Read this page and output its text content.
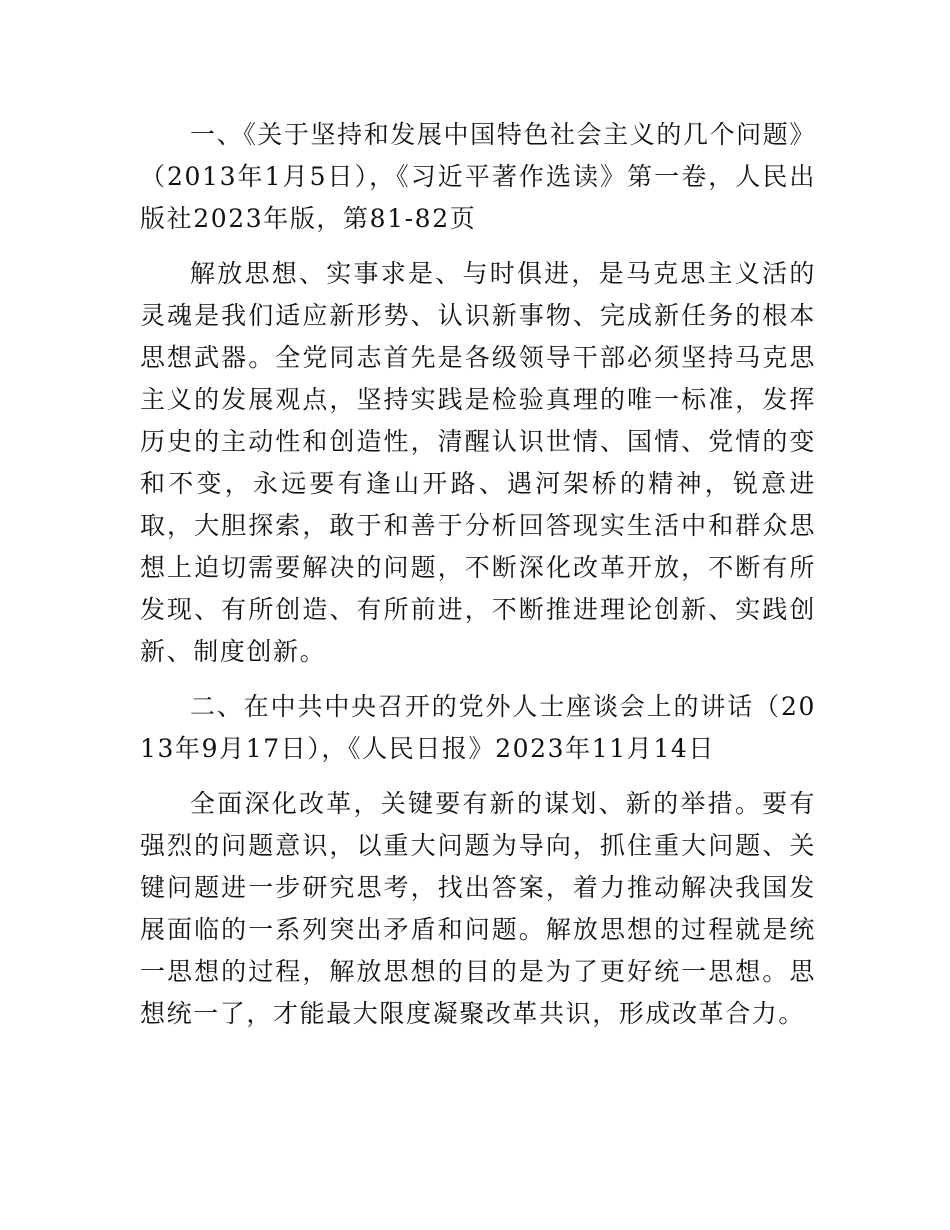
一、《关于坚持和发展中国特色社会主义的几个问题》（2013年1月5日），《习近平著作选读》第一卷，人民出版社2023年版，第81-82页

解放思想、实事求是、与时俱进，是马克思主义活的灵魂是我们适应新形势、认识新事物、完成新任务的根本思想武器。全党同志首先是各级领导干部必须坚持马克思主义的发展观点，坚持实践是检验真理的唯一标准，发挥历史的主动性和创造性，清醒认识世情、国情、党情的变和不变，永远要有逢山开路、遇河架桥的精神，锐意进取，大胆探索，敢于和善于分析回答现实生活中和群众思想上迫切需要解决的问题，不断深化改革开放，不断有所发现、有所创造、有所前进，不断推进理论创新、实践创新、制度创新。

二、在中共中央召开的党外人士座谈会上的讲话（2013年9月17日），《人民日报》2023年11月14日

全面深化改革，关键要有新的谋划、新的举措。要有强烈的问题意识，以重大问题为导向，抓住重大问题、关键问题进一步研究思考，找出答案，着力推动解决我国发展面临的一系列突出矛盾和问题。解放思想的过程就是统一思想的过程，解放思想的目的是为了更好统一思想。思想统一了，才能最大限度凝聚改革共识，形成改革合力。
